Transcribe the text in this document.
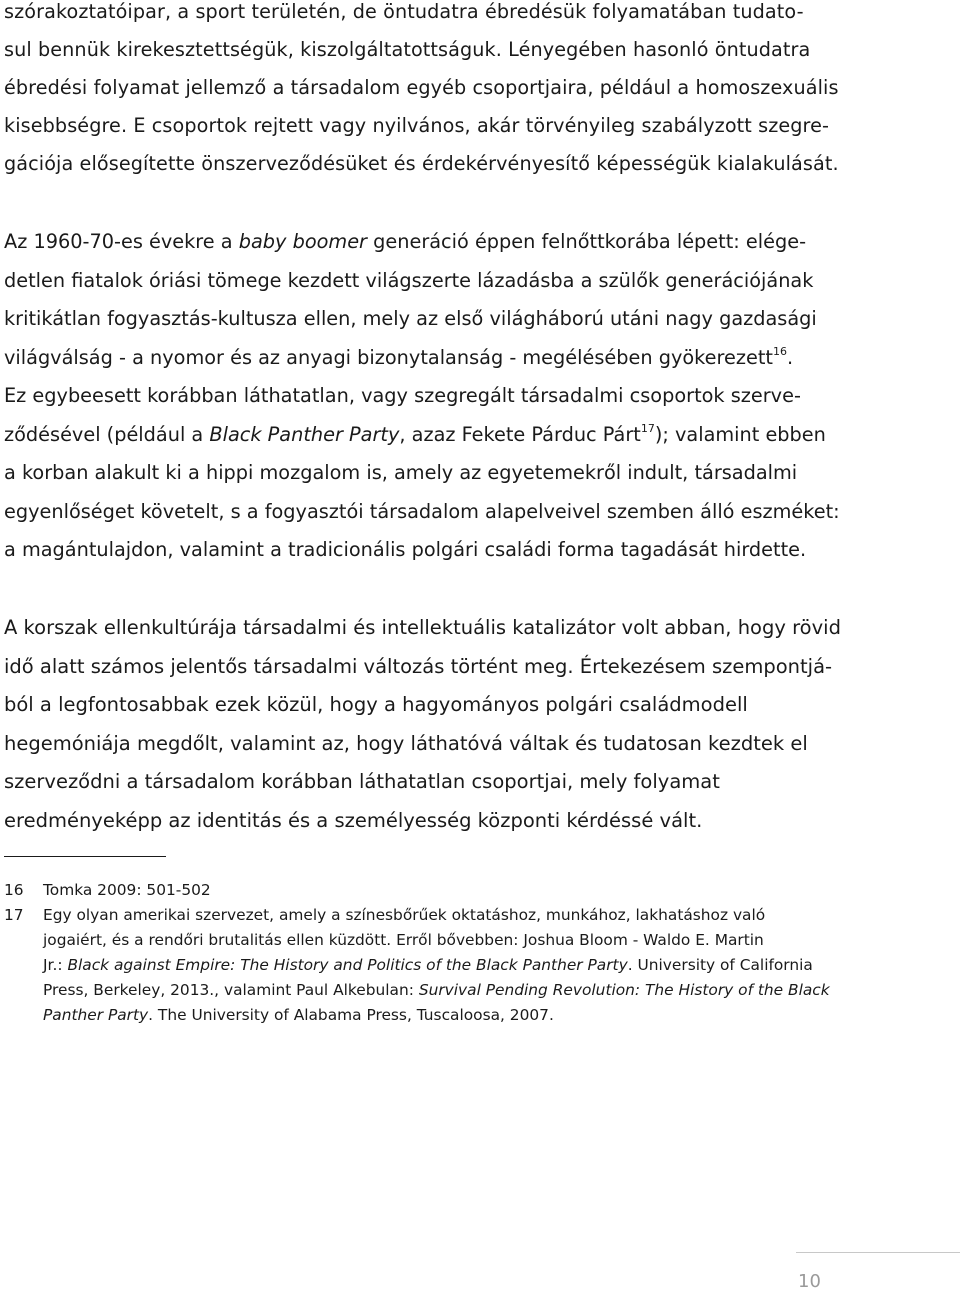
szórakoztatóipar, a sport területén, de öntudatra ébredésük folyamatában tudato-
sul bennük kirekesztettségük, kiszolgáltatottságuk. Lényegében hasonló öntudatra
ébredési folyamat jellemző a társadalom egyéb csoportjaira, például a homoszexuális
kisebbségre. E csoportok rejtett vagy nyilvános, akár törvényileg szabályzott szegre-
gációja elősegítette önszerveződésüket és érdekérvényesítő képességük kialakulását.
Az 1960-70-es évekre a baby boomer generáció éppen felnőttkorába lépett: elége-
detlen fiatalok óriási tömege kezdett világszerte lázadásba a szülők generációjának
kritikátlan fogyasztás-kultusza ellen, mely az első világháború utáni nagy gazdasági
világválság - a nyomor és az anyagi bizonytalanság - megélésében gyökerezett$^{16}$.
Ez egybeesett korábban láthatatlan, vagy szegregált társadalmi csoportok szerve-
ződésével (például a Black Panther Party, azaz Fekete Párduc Párt$^{17}$); valamint ebben
a korban alakult ki a hippi mozgalom is, amely az egyetemekről indult, társadalmi
egyenlőséget követelt, s a fogyasztói társadalom alapelveivel szemben álló eszméket:
a magántulajdon, valamint a tradicionális polgári családi forma tagadását hirdette.
A korszak ellenkultúrája társadalmi és intellektuális katalizátor volt abban, hogy rövid
idő alatt számos jelentős társadalmi változás történt meg. Értekezésem szempontjá-
ból a legfontosabbak ezek közül, hogy a hagyományos polgári családmodell
hegemóniája megdőlt, valamint az, hogy láthatóvá váltak és tudatosan kezdtek el
szerveződni a társadalom korábban láthatatlan csoportjai, mely folyamat
eredményeképp az identitás és a személyesség központi kérdéssé vált.
16 Tomka 2009: 501-502
17 Egy olyan amerikai szervezet, amely a színesbőrűek oktatáshoz, munkához, lakhatáshoz való
jogaiért, és a rendőri brutalitás ellen küzdött. Erről bővebben: Joshua Bloom - Waldo E. Martin
Jr.: Black against Empire: The History and Politics of the Black Panther Party. University of California
Press, Berkeley, 2013., valamint Paul Alkebulan: Survival Pending Revolution: The History of the Black
Panther Party. The University of Alabama Press, Tuscaloosa, 2007.
10
